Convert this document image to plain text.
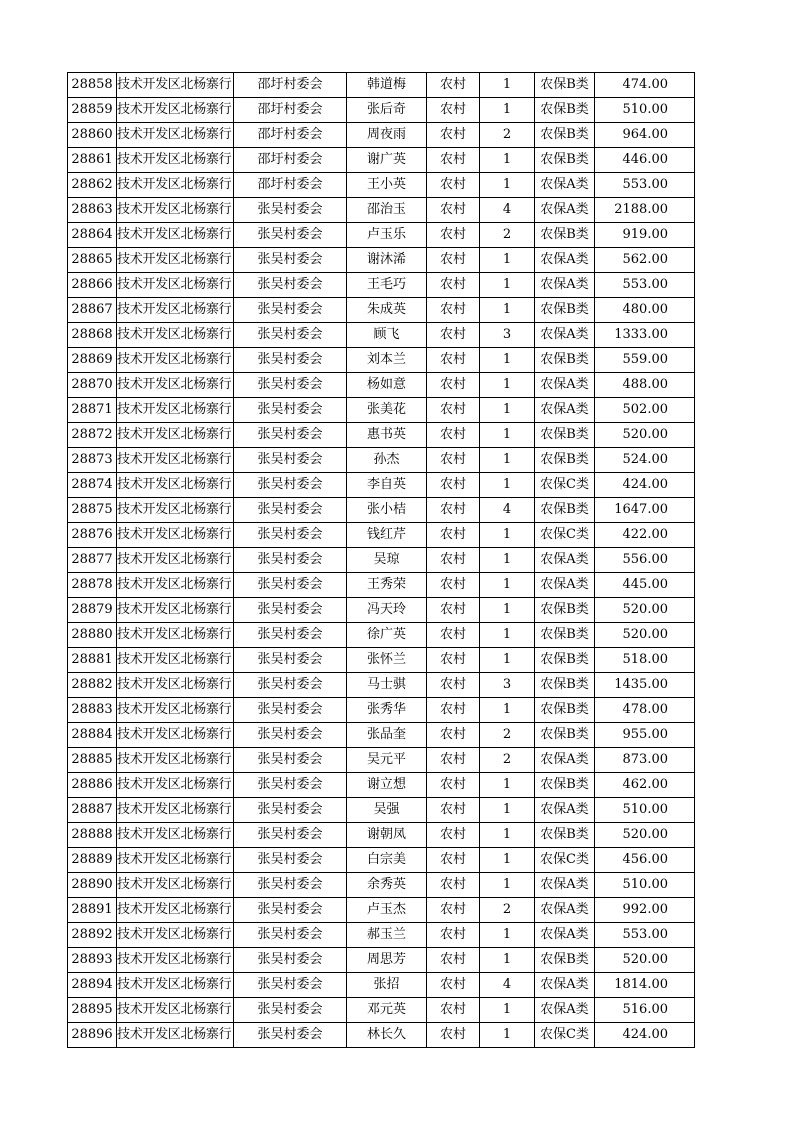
28858	技术开发区北杨寨行	邵圩村委会	韩道梅	农村	1	农保B类	474.00
28859	技术开发区北杨寨行	邵圩村委会	张后奇	农村	1	农保B类	510.00
28860	技术开发区北杨寨行	邵圩村委会	周夜雨	农村	2	农保B类	964.00
28861	技术开发区北杨寨行	邵圩村委会	谢广英	农村	1	农保B类	446.00
28862	技术开发区北杨寨行	邵圩村委会	王小英	农村	1	农保A类	553.00
28863	技术开发区北杨寨行	张吴村委会	邵治玉	农村	4	农保A类	2188.00
28864	技术开发区北杨寨行	张吴村委会	卢玉乐	农村	2	农保B类	919.00
28865	技术开发区北杨寨行	张吴村委会	谢沐浠	农村	1	农保A类	562.00
28866	技术开发区北杨寨行	张吴村委会	王毛巧	农村	1	农保A类	553.00
28867	技术开发区北杨寨行	张吴村委会	朱成英	农村	1	农保B类	480.00
28868	技术开发区北杨寨行	张吴村委会	顾飞	农村	3	农保A类	1333.00
28869	技术开发区北杨寨行	张吴村委会	刘本兰	农村	1	农保B类	559.00
28870	技术开发区北杨寨行	张吴村委会	杨如意	农村	1	农保A类	488.00
28871	技术开发区北杨寨行	张吴村委会	张美花	农村	1	农保A类	502.00
28872	技术开发区北杨寨行	张吴村委会	惠书英	农村	1	农保B类	520.00
28873	技术开发区北杨寨行	张吴村委会	孙杰	农村	1	农保B类	524.00
28874	技术开发区北杨寨行	张吴村委会	李自英	农村	1	农保C类	424.00
28875	技术开发区北杨寨行	张吴村委会	张小桔	农村	4	农保B类	1647.00
28876	技术开发区北杨寨行	张吴村委会	钱红芹	农村	1	农保C类	422.00
28877	技术开发区北杨寨行	张吴村委会	吴琼	农村	1	农保A类	556.00
28878	技术开发区北杨寨行	张吴村委会	王秀荣	农村	1	农保A类	445.00
28879	技术开发区北杨寨行	张吴村委会	冯天玲	农村	1	农保B类	520.00
28880	技术开发区北杨寨行	张吴村委会	徐广英	农村	1	农保B类	520.00
28881	技术开发区北杨寨行	张吴村委会	张怀兰	农村	1	农保B类	518.00
28882	技术开发区北杨寨行	张吴村委会	马士骐	农村	3	农保B类	1435.00
28883	技术开发区北杨寨行	张吴村委会	张秀华	农村	1	农保B类	478.00
28884	技术开发区北杨寨行	张吴村委会	张品奎	农村	2	农保B类	955.00
28885	技术开发区北杨寨行	张吴村委会	吴元平	农村	2	农保A类	873.00
28886	技术开发区北杨寨行	张吴村委会	谢立想	农村	1	农保B类	462.00
28887	技术开发区北杨寨行	张吴村委会	吴强	农村	1	农保A类	510.00
28888	技术开发区北杨寨行	张吴村委会	谢朝凤	农村	1	农保B类	520.00
28889	技术开发区北杨寨行	张吴村委会	白宗美	农村	1	农保C类	456.00
28890	技术开发区北杨寨行	张吴村委会	余秀英	农村	1	农保A类	510.00
28891	技术开发区北杨寨行	张吴村委会	卢玉杰	农村	2	农保A类	992.00
28892	技术开发区北杨寨行	张吴村委会	郝玉兰	农村	1	农保A类	553.00
28893	技术开发区北杨寨行	张吴村委会	周思芳	农村	1	农保B类	520.00
28894	技术开发区北杨寨行	张吴村委会	张招	农村	4	农保A类	1814.00
28895	技术开发区北杨寨行	张吴村委会	邓元英	农村	1	农保A类	516.00
28896	技术开发区北杨寨行	张吴村委会	林长久	农村	1	农保C类	424.00
